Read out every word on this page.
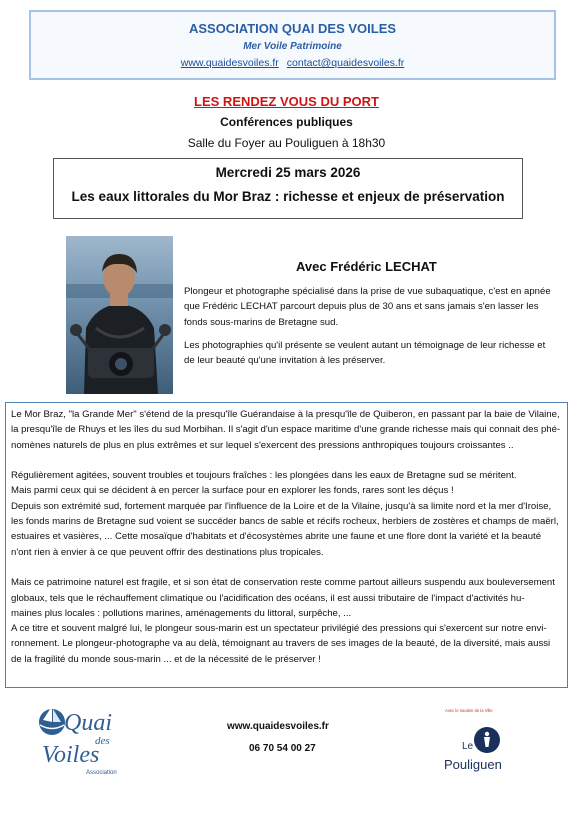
ASSOCIATION QUAI DES VOILES
Mer Voile Patrimoine
www.quaidesvoiles.fr contact@quaidesvoiles.fr
LES RENDEZ VOUS DU PORT
Conférences publiques
Salle du Foyer au Pouliguen à 18h30
Mercredi 25 mars 2026
Les eaux littorales du Mor Braz : richesse et enjeux de préservation
Avec Frédéric LECHAT

Plongeur et photographe spécialisé dans la prise de vue subaquatique, c'est en apnée que Frédéric LECHAT parcourt depuis plus de 30 ans et sans jamais s'en lasser les fonds sous-marins de Bretagne sud.

Les photographies qu'il présente se veulent autant un témoignage de leur richesse et de leur beauté qu'une invitation à les préserver.

Le Mor Braz, "la Grande Mer" s'étend de la presqu'île Guérandaise à la presqu'île de Quiberon, en passant par la baie de Vilaine,
la presqu'île de Rhuys et les îles du sud Morbihan. Il s'agit d'un espace maritime d'une grande richesse mais qui connait des phé-
nomènes naturels de plus en plus extrêmes et sur lequel s'exercent des pressions anthropiques toujours croissantes ..
Régulièrement agitées, souvent troubles et toujours fraîches : les plongées dans les eaux de Bretagne sud se méritent.
Mais parmi ceux qui se décident à en percer la surface pour en explorer les fonds, rares sont les déçus !
Depuis son extrémité sud, fortement marquée par l'influence de la Loire et de la Vilaine, jusqu'à sa limite nord et la mer d'Iroise,
les fonds marins de Bretagne sud voient se succéder bancs de sable et récifs rocheux, herbiers de zostères et champs de maërl,
estuaires et vasières, ... Cette mosaïque d'habitats et d'écosystèmes abrite une faune et une flore dont la variété et la beauté
n'ont rien à envier à ce que peuvent offrir des destinations plus tropicales.
Mais ce patrimoine naturel est fragile, et si son état de conservation reste comme partout ailleurs suspendu aux bouleversement
globaux, tels que le réchauffement climatique ou l'acidification des océans, il est aussi tributaire de l'impact d'activités hu-
maines plus locales : pollutions marines, aménagements du littoral, surpêche, ...
A ce titre et souvent malgré lui, le plongeur sous-marin est un spectateur privilégié des pressions qui s'exercent sur notre envi-
ronnement. Le plongeur-photographe va au delà, témoignant au travers de ses images de la beauté, de la diversité, mais aussi
de la fragilité du monde sous-marin ... et de la nécessité de le préserver !
Quai
des
Voiles
Association
www.quaidesvoiles.fr
06 70 54 00 27
Avec le soutien de la Ville
Le
Pouliguen
